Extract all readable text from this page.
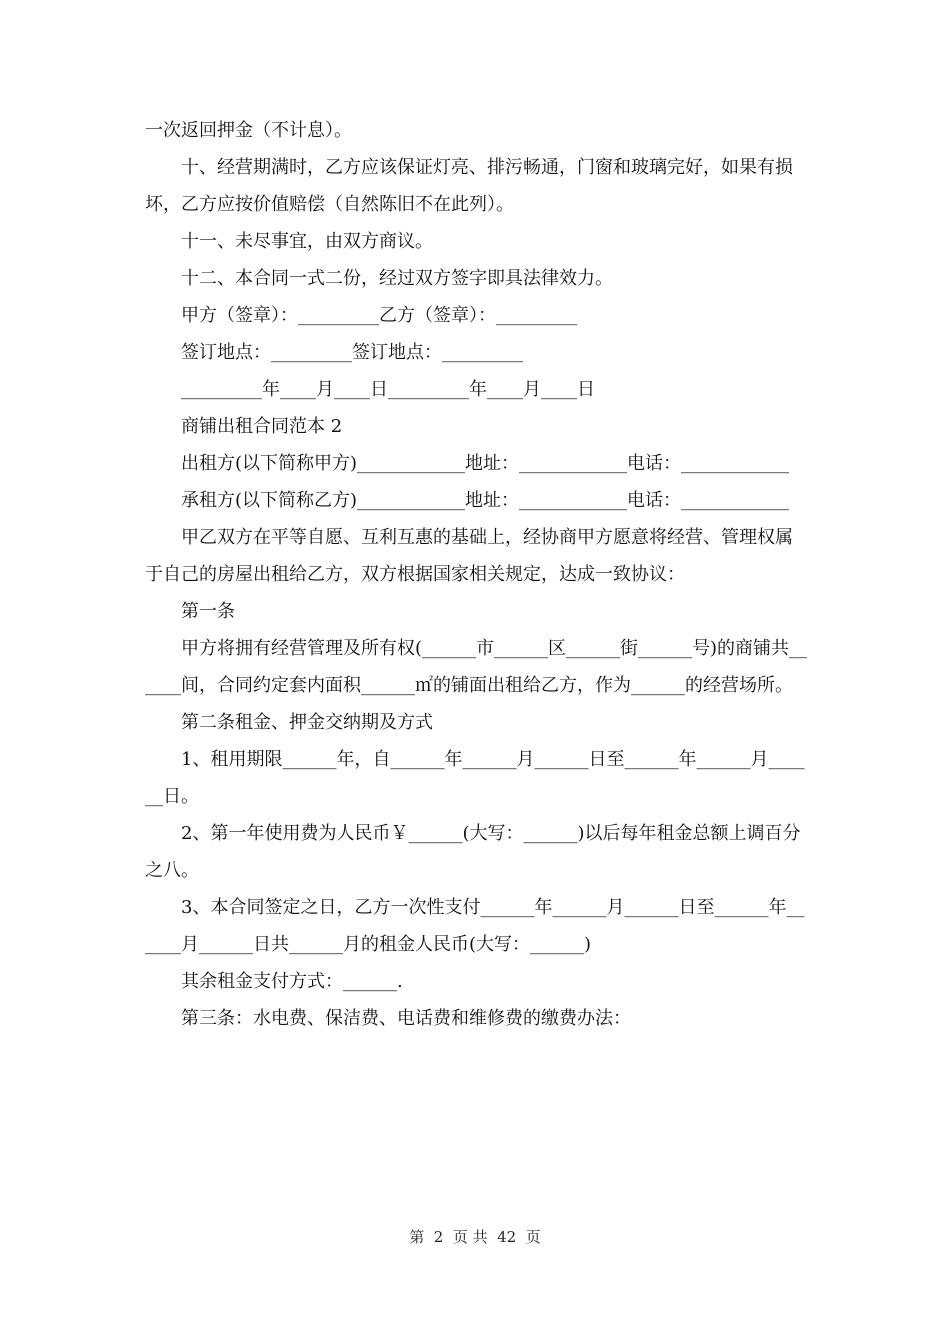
一次返回押金（不计息）。

十、经营期满时，乙方应该保证灯亮、排污畅通，门窗和玻璃完好，如果有损坏，乙方应按价值赔偿（自然陈旧不在此列）。

十一、未尽事宜，由双方商议。

十二、本合同一式二份，经过双方签字即具法律效力。

甲方（签章）：_________乙方（签章）：_________

签订地点：_________签订地点：_________

_________年____月____日_________年____月____日

商铺出租合同范本 2

出租方(以下简称甲方)____________地址：____________电话：____________

承租方(以下简称乙方)____________地址：____________电话：____________

甲乙双方在平等自愿、互利互惠的基础上，经协商甲方愿意将经营、管理权属于自己的房屋出租给乙方，双方根据国家相关规定，达成一致协议：

第一条

甲方将拥有经营管理及所有权(______市______区______街______号)的商铺共______间，合同约定套内面积______㎡的铺面出租给乙方，作为______的经营场所。

第二条租金、押金交纳期及方式

1、租用期限______年，自______年______月______日至______年______月______日。

2、第一年使用费为人民币￥______(大写：______)以后每年租金总额上调百分之八。

3、本合同签定之日，乙方一次性支付______年______月______日至______年______月______日共______月的租金人民币(大写：______)

其余租金支付方式：______.

第三条：水电费、保洁费、电话费和维修费的缴费办法：

第  2  页 共  42  页
